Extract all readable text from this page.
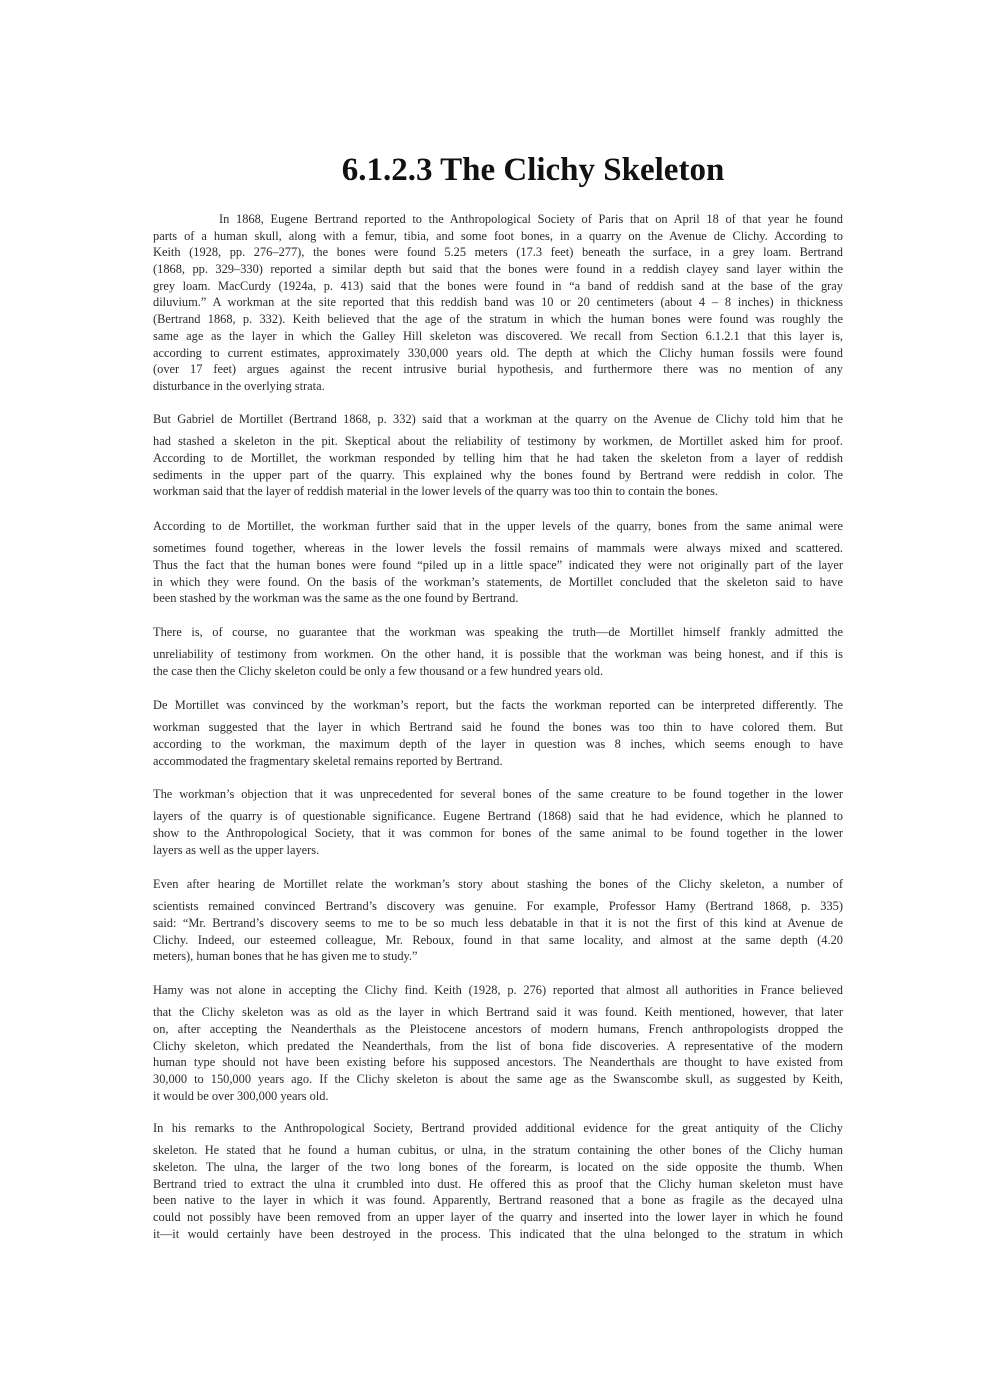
6.1.2.3 The Clichy Skeleton

In 1868, Eugene Bertrand reported to the Anthropological Society of Paris that on April 18 of that year he found
parts of a human skull, along with a femur, tibia, and some foot bones, in a quarry on the Avenue de Clichy. According to
Keith (1928, pp. 276–277), the bones were found 5.25 meters (17.3 feet) beneath the surface, in a grey loam. Bertrand
(1868, pp. 329–330) reported a similar depth but said that the bones were found in a reddish clayey sand layer within the
grey loam. MacCurdy (1924a, p. 413) said that the bones were found in “a band of reddish sand at the base of the gray
diluvium.” A workman at the site reported that this reddish band was 10 or 20 centimeters (about 4 – 8 inches) in thickness
(Bertrand 1868, p. 332). Keith believed that the age of the stratum in which the human bones were found was roughly the
same age as the layer in which the Galley Hill skeleton was discovered. We recall from Section 6.1.2.1 that this layer is,
according to current estimates, approximately 330,000 years old. The depth at which the Clichy human fossils were found
(over 17 feet) argues against the recent intrusive burial hypothesis, and furthermore there was no mention of any
disturbance in the overlying strata.

But Gabriel de Mortillet (Bertrand 1868, p. 332) said that a workman at the quarry on the Avenue de Clichy told him that he
had stashed a skeleton in the pit. Skeptical about the reliability of testimony by workmen, de Mortillet asked him for proof.
According to de Mortillet, the workman responded by telling him that he had taken the skeleton from a layer of reddish
sediments in the upper part of the quarry. This explained why the bones found by Bertrand were reddish in color. The
workman said that the layer of reddish material in the lower levels of the quarry was too thin to contain the bones.

According to de Mortillet, the workman further said that in the upper levels of the quarry, bones from the same animal were
sometimes found together, whereas in the lower levels the fossil remains of mammals were always mixed and scattered.
Thus the fact that the human bones were found “piled up in a little space” indicated they were not originally part of the layer
in which they were found. On the basis of the workman’s statements, de Mortillet concluded that the skeleton said to have
been stashed by the workman was the same as the one found by Bertrand.

There is, of course, no guarantee that the workman was speaking the truth—de Mortillet himself frankly admitted the
unreliability of testimony from workmen. On the other hand, it is possible that the workman was being honest, and if this is
the case then the Clichy skeleton could be only a few thousand or a few hundred years old.

De Mortillet was convinced by the workman’s report, but the facts the workman reported can be interpreted differently. The
workman suggested that the layer in which Bertrand said he found the bones was too thin to have colored them. But
according to the workman, the maximum depth of the layer in question was 8 inches, which seems enough to have
accommodated the fragmentary skeletal remains reported by Bertrand.

The workman’s objection that it was unprecedented for several bones of the same creature to be found together in the lower
layers of the quarry is of questionable significance. Eugene Bertrand (1868) said that he had evidence, which he planned to
show to the Anthropological Society, that it was common for bones of the same animal to be found together in the lower
layers as well as the upper layers.

Even after hearing de Mortillet relate the workman’s story about stashing the bones of the Clichy skeleton, a number of
scientists remained convinced Bertrand’s discovery was genuine. For example, Professor Hamy (Bertrand 1868, p. 335)
said: “Mr. Bertrand’s discovery seems to me to be so much less debatable in that it is not the first of this kind at Avenue de
Clichy. Indeed, our esteemed colleague, Mr. Reboux, found in that same locality, and almost at the same depth (4.20
meters), human bones that he has given me to study.”

Hamy was not alone in accepting the Clichy find. Keith (1928, p. 276) reported that almost all authorities in France believed
that the Clichy skeleton was as old as the layer in which Bertrand said it was found. Keith mentioned, however, that later
on, after accepting the Neanderthals as the Pleistocene ancestors of modern humans, French anthropologists dropped the
Clichy skeleton, which predated the Neanderthals, from the list of bona fide discoveries. A representative of the modern
human type should not have been existing before his supposed ancestors. The Neanderthals are thought to have existed from
30,000 to 150,000 years ago. If the Clichy skeleton is about the same age as the Swanscombe skull, as suggested by Keith,
it would be over 300,000 years old.

In his remarks to the Anthropological Society, Bertrand provided additional evidence for the great antiquity of the Clichy
skeleton. He stated that he found a human cubitus, or ulna, in the stratum containing the other bones of the Clichy human
skeleton. The ulna, the larger of the two long bones of the forearm, is located on the side opposite the thumb. When
Bertrand tried to extract the ulna it crumbled into dust. He offered this as proof that the Clichy human skeleton must have
been native to the layer in which it was found. Apparently, Bertrand reasoned that a bone as fragile as the decayed ulna
could not possibly have been removed from an upper layer of the quarry and inserted into the lower layer in which he found
it—it would certainly have been destroyed in the process. This indicated that the ulna belonged to the stratum in which
